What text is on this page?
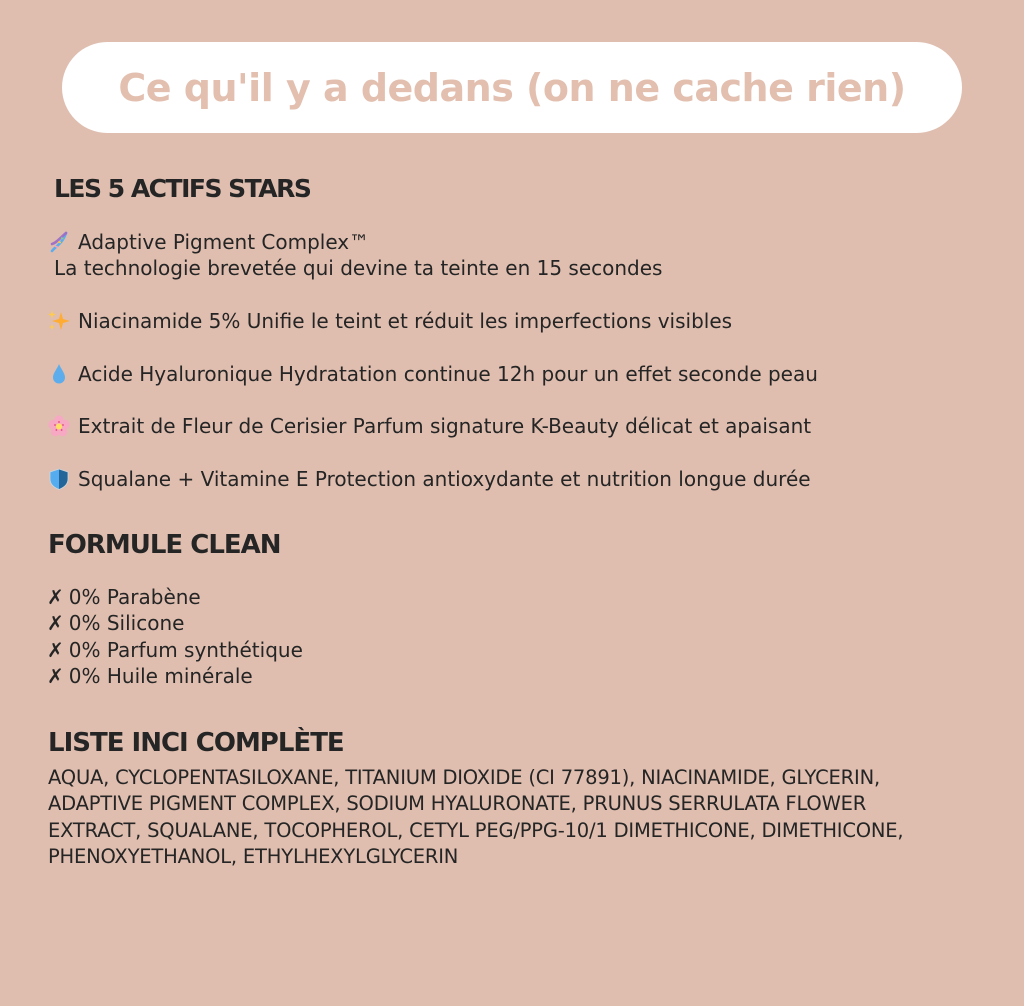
Ce qu'il y a dedans (on ne cache rien)
LES 5 ACTIFS STARS
Adaptive Pigment Complex™
La technologie brevetée qui devine ta teinte en 15 secondes
Niacinamide 5% Unifie le teint et réduit les imperfections visibles
Acide Hyaluronique Hydratation continue 12h pour un effet seconde peau
Extrait de Fleur de Cerisier Parfum signature K-Beauty délicat et apaisant
Squalane + Vitamine E Protection antioxydante et nutrition longue durée
FORMULE CLEAN
✗ 0% Parabène
✗ 0% Silicone
✗ 0% Parfum synthétique
✗ 0% Huile minérale
LISTE INCI COMPLÈTE

AQUA, CYCLOPENTASILOXANE, TITANIUM DIOXIDE (CI 77891), NIACINAMIDE, GLYCERIN, ADAPTIVE PIGMENT COMPLEX, SODIUM HYALURONATE, PRUNUS SERRULATA FLOWER EXTRACT, SQUALANE, TOCOPHEROL, CETYL PEG/PPG-10/1 DIMETHICONE, DIMETHICONE, PHENOXYETHANOL, ETHYLHEXYLGLYCERIN
